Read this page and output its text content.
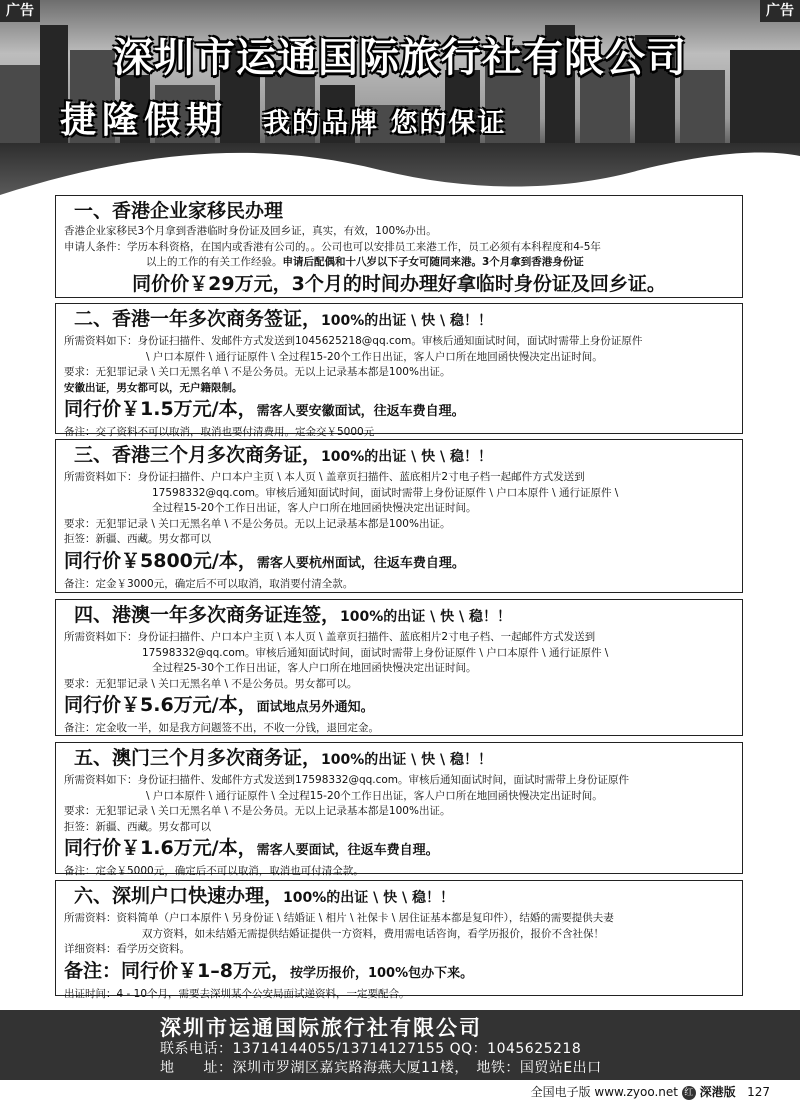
广告	广告
深圳市运通国际旅行社有限公司
捷隆假期 我的品牌 您的保证
一、香港企业家移民办理
香港企业家移民3个月拿到香港临时身份证及回乡证，真实，有效，100%办出。
申请人条件：学历本科资格，在国内或香港有公司的。。公司也可以安排员工来港工作，员工必须有本科程度和4-5年
以上的工作的有关工作经验。申请后配偶和十八岁以下子女可随同来港。3个月拿到香港身份证
同价价￥29万元，3个月的时间办理好拿临时身份证及回乡证。
二、香港一年多次商务签证，100%的出证 \ 快 \ 稳！！
所需资料如下：身份证扫描件、发邮件方式发送到1045625218@qq.com。审核后通知面试时间，面试时需带上身份证原件
\ 户口本原件 \ 通行证原件 \ 全过程15-20个工作日出证，客人户口所在地回函快慢决定出证时间。
要求：无犯罪记录 \ 关口无黑名单 \ 不是公务员。无以上记录基本都是100%出证。
安徽出证，男女都可以，无户籍限制。
同行价￥1.5万元/本，需客人要安徽面试，往返车费自理。
备注：交了资料不可以取消，取消也要付清费用。定金交￥5000元
三、香港三个月多次商务证，100%的出证 \ 快 \ 稳！！
所需资料如下：身份证扫描件、户口本户主页 \ 本人页 \ 盖章页扫描件、蓝底相片2寸电子档一起邮件方式发送到
17598332@qq.com。审核后通知面试时间，面试时需带上身份证原件 \ 户口本原件 \ 通行证原件 \
全过程15-20个工作日出证，客人户口所在地回函快慢决定出证时间。
要求：无犯罪记录 \ 关口无黑名单 \ 不是公务员。无以上记录基本都是100%出证。
拒签：新疆、西藏。男女都可以
同行价￥5800元/本，需客人要杭州面试，往返车费自理。
备注：定金￥3000元，确定后不可以取消，取消要付清全款。
四、港澳一年多次商务证连签，100%的出证 \ 快 \ 稳！！
所需资料如下：身份证扫描件、户口本户主页 \ 本人页 \ 盖章页扫描件、蓝底相片2寸电子档、一起邮件方式发送到
17598332@qq.com。审核后通知面试时间，面试时需带上身份证原件 \ 户口本原件 \ 通行证原件 \
全过程25-30个工作日出证，客人户口所在地回函快慢决定出证时间。
要求：无犯罪记录 \ 关口无黑名单 \ 不是公务员。男女都可以。
同行价￥5.6万元/本，面试地点另外通知。
备注：定金收一半，如是我方问题签不出，不收一分钱，退回定金。
五、澳门三个月多次商务证，100%的出证 \ 快 \ 稳！！
所需资料如下：身份证扫描件、发邮件方式发送到17598332@qq.com。审核后通知面试时间，面试时需带上身份证原件
\ 户口本原件 \ 通行证原件 \ 全过程15-20个工作日出证，客人户口所在地回函快慢决定出证时间。
要求：无犯罪记录 \ 关口无黑名单 \ 不是公务员。无以上记录基本都是100%出证。
拒签：新疆、西藏。男女都可以
同行价￥1.6万元/本，需客人要面试，往返车费自理。
备注：定金￥5000元，确定后不可以取消，取消也可付清全款。
六、深圳户口快速办理，100%的出证 \ 快 \ 稳！！
所需资料：资料简单（户口本原件 \ 另身份证 \ 结婚证 \ 相片 \ 社保卡 \ 居住证基本都是复印件），结婚的需要提供夫妻
双方资料，如未结婚无需提供结婚证提供一方资料，费用需电话咨询，看学历报价，报价不含社保！
详细资料：看学历交资料。
备注：同行价￥1–8万元，按学历报价，100%包办下来。
出证时间：4 - 10个月，需要去深圳某个公安局面试递资料，一定要配合。
深圳市运通国际旅行社有限公司
联系电话：13714144055/13714127155 QQ：1045625218
地　　址：深圳市罗湖区嘉宾路海燕大厦11楼，　地铁：国贸站E出口
全国电子版 www.zyoo.net 红 深港版 127
